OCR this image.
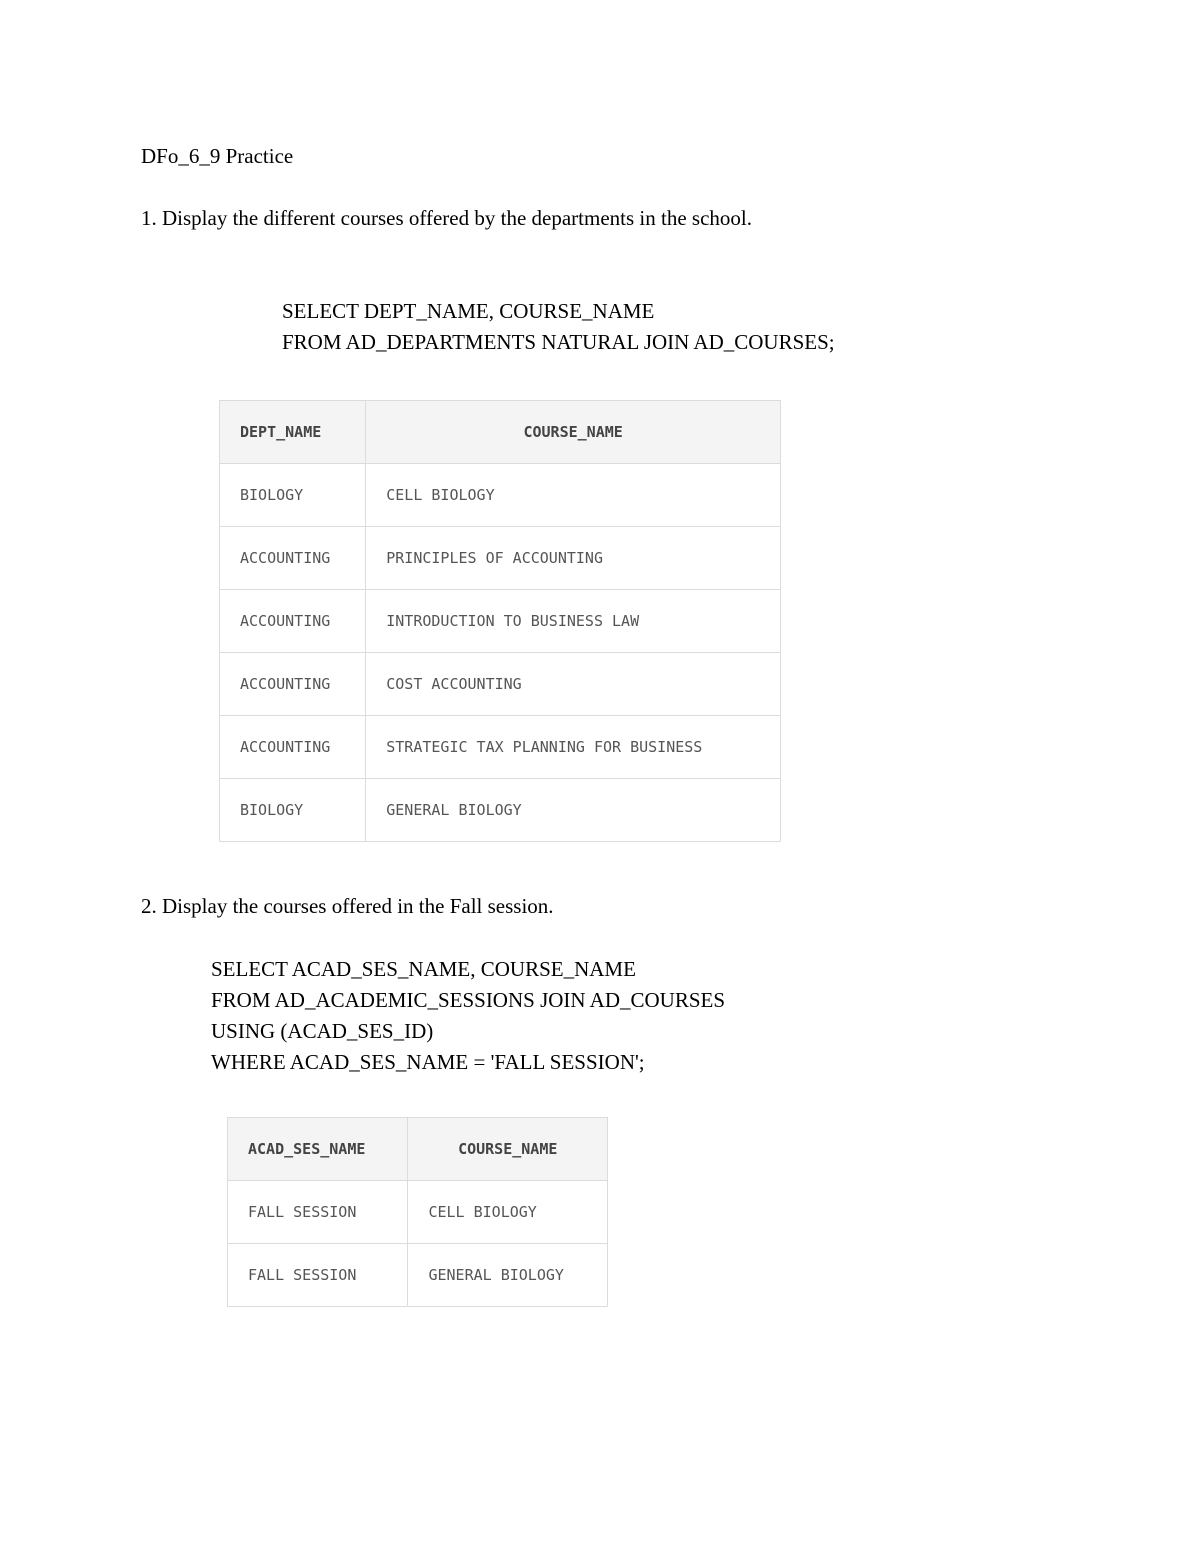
DFo_6_9 Practice
1. Display the different courses offered by the departments in the school.
SELECT DEPT_NAME, COURSE_NAME
FROM AD_DEPARTMENTS NATURAL JOIN AD_COURSES;
DEPT_NAME	COURSE_NAME
BIOLOGY	CELL BIOLOGY
ACCOUNTING	PRINCIPLES OF ACCOUNTING
ACCOUNTING	INTRODUCTION TO BUSINESS LAW
ACCOUNTING	COST ACCOUNTING
ACCOUNTING	STRATEGIC TAX PLANNING FOR BUSINESS
BIOLOGY	GENERAL BIOLOGY
2. Display the courses offered in the Fall session.
SELECT ACAD_SES_NAME, COURSE_NAME
FROM AD_ACADEMIC_SESSIONS JOIN AD_COURSES
USING (ACAD_SES_ID)
WHERE ACAD_SES_NAME = 'FALL SESSION';
ACAD_SES_NAME	COURSE_NAME
FALL SESSION	CELL BIOLOGY
FALL SESSION	GENERAL BIOLOGY
